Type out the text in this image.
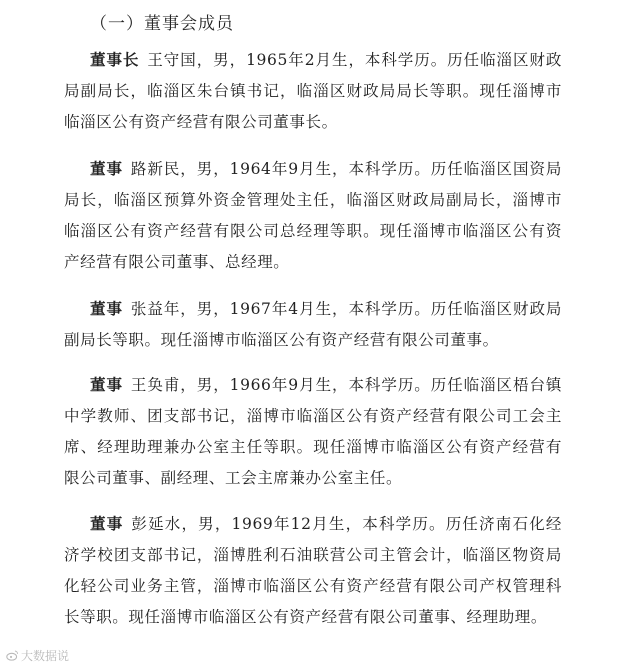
（一）董事会成员

董事长 王守国，男，1965年2月生，本科学历。历任临淄区财政局副局长，临淄区朱台镇书记，临淄区财政局局长等职。现任淄博市临淄区公有资产经营有限公司董事长。

董事 路新民，男，1964年9月生，本科学历。历任临淄区国资局局长，临淄区预算外资金管理处主任，临淄区财政局副局长，淄博市临淄区公有资产经营有限公司总经理等职。现任淄博市临淄区公有资产经营有限公司董事、总经理。

董事 张益年，男，1967年4月生，本科学历。历任临淄区财政局副局长等职。现任淄博市临淄区公有资产经营有限公司董事。

董事 王奂甫，男，1966年9月生，本科学历。历任临淄区梧台镇中学教师、团支部书记，淄博市临淄区公有资产经营有限公司工会主席、经理助理兼办公室主任等职。现任淄博市临淄区公有资产经营有限公司董事、副经理、工会主席兼办公室主任。

董事 彭延水，男，1969年12月生，本科学历。历任济南石化经济学校团支部书记，淄博胜利石油联营公司主管会计，临淄区物资局化轻公司业务主管，淄博市临淄区公有资产经营有限公司产权管理科长等职。现任淄博市临淄区公有资产经营有限公司董事、经理助理。

大数据说
